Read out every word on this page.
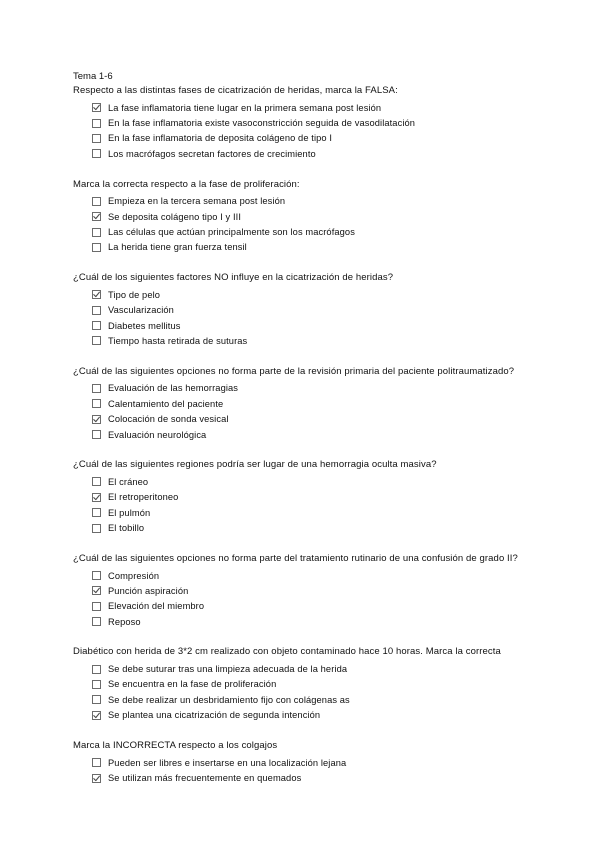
Tema 1-6

Respecto a las distintas fases de cicatrización de heridas, marca la FALSA:

La fase inflamatoria tiene lugar en la primera semana post lesión
En la fase inflamatoria existe vasoconstricción seguida de vasodilatación
En la fase inflamatoria de deposita colágeno de tipo I
Los macrófagos secretan factores de crecimiento

Marca la correcta respecto a la fase de proliferación:

Empieza en la tercera semana post lesión
Se deposita colágeno tipo I y III
Las células que actúan principalmente son los macrófagos
La herida tiene gran fuerza tensil

¿Cuál de los siguientes factores NO influye en la cicatrización de heridas?

Tipo de pelo
Vascularización
Diabetes mellitus
Tiempo hasta retirada de suturas

¿Cuál de las siguientes opciones no forma parte de la revisión primaria del paciente politraumatizado?

Evaluación de las hemorragias
Calentamiento del paciente
Colocación de sonda vesical
Evaluación neurológica

¿Cuál de las siguientes regiones podría ser lugar de una hemorragia oculta masiva?

El cráneo
El retroperitoneo
El pulmón
El tobillo

¿Cuál de las siguientes opciones no forma parte del tratamiento rutinario de una confusión de grado II?

Compresión
Punción aspiración
Elevación del miembro
Reposo

Diabético con herida de 3*2 cm realizado con objeto contaminado hace 10 horas. Marca la correcta

Se debe suturar tras una limpieza adecuada de la herida
Se encuentra en la fase de proliferación
Se debe realizar un desbridamiento fijo con colágenas as
Se plantea una cicatrización de segunda intención

Marca la INCORRECTA respecto a los colgajos

Pueden ser libres e insertarse en una localización lejana
Se utilizan más frecuentemente en quemados
